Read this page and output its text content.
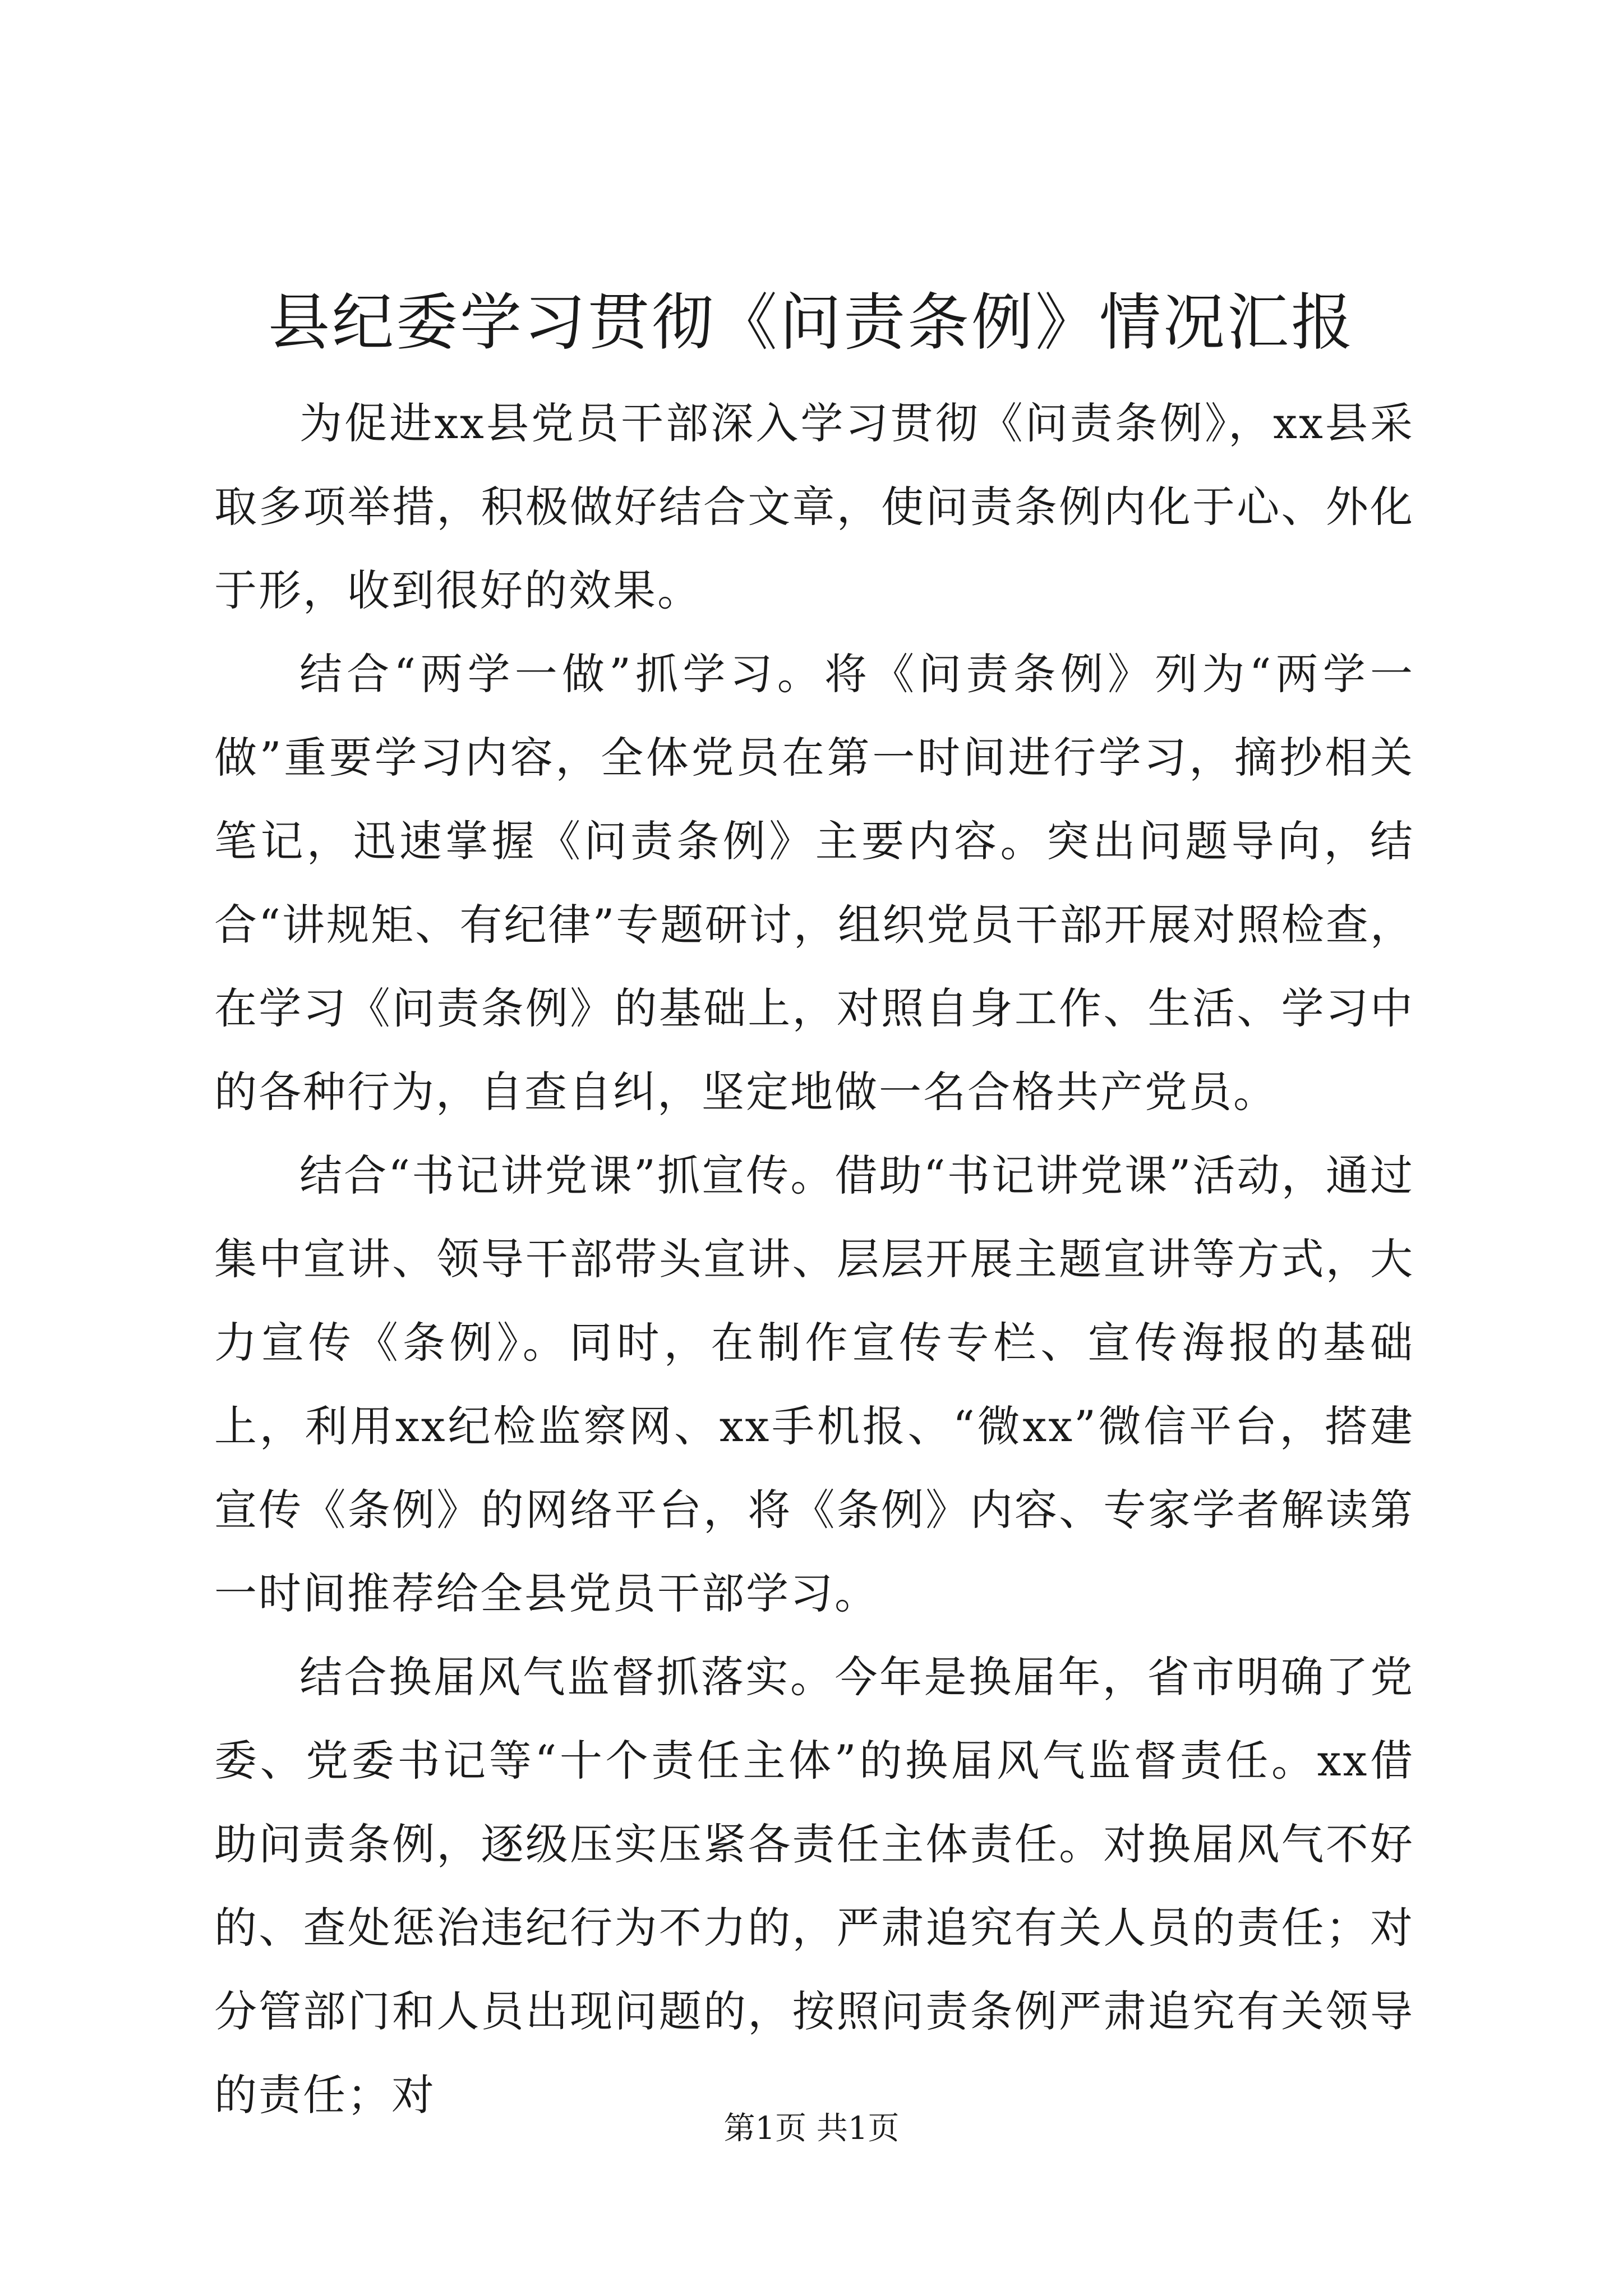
县纪委学习贯彻《问责条例》情况汇报

为促进xx县党员干部深入学习贯彻《问责条例》，xx县采取多项举措，积极做好结合文章，使问责条例内化于心、外化于形，收到很好的效果。

结合“两学一做”抓学习。将《问责条例》列为“两学一做”重要学习内容，全体党员在第一时间进行学习，摘抄相关笔记，迅速掌握《问责条例》主要内容。突出问题导向，结合“讲规矩、有纪律”专题研讨，组织党员干部开展对照检查，在学习《问责条例》的基础上，对照自身工作、生活、学习中的各种行为，自查自纠，坚定地做一名合格共产党员。

结合“书记讲党课”抓宣传。借助“书记讲党课”活动，通过集中宣讲、领导干部带头宣讲、层层开展主题宣讲等方式，大力宣传《条例》。同时，在制作宣传专栏、宣传海报的基础上，利用xx纪检监察网、xx手机报、“微xx”微信平台，搭建宣传《条例》的网络平台，将《条例》内容、专家学者解读第一时间推荐给全县党员干部学习。

结合换届风气监督抓落实。今年是换届年，省市明确了党委、党委书记等“十个责任主体”的换届风气监督责任。xx借助问责条例，逐级压实压紧各责任主体责任。对换届风气不好的、查处惩治违纪行为不力的，严肃追究有关人员的责任；对分管部门和人员出现问题的，按照问责条例严肃追究有关领导的责任；对

第1页 共1页
